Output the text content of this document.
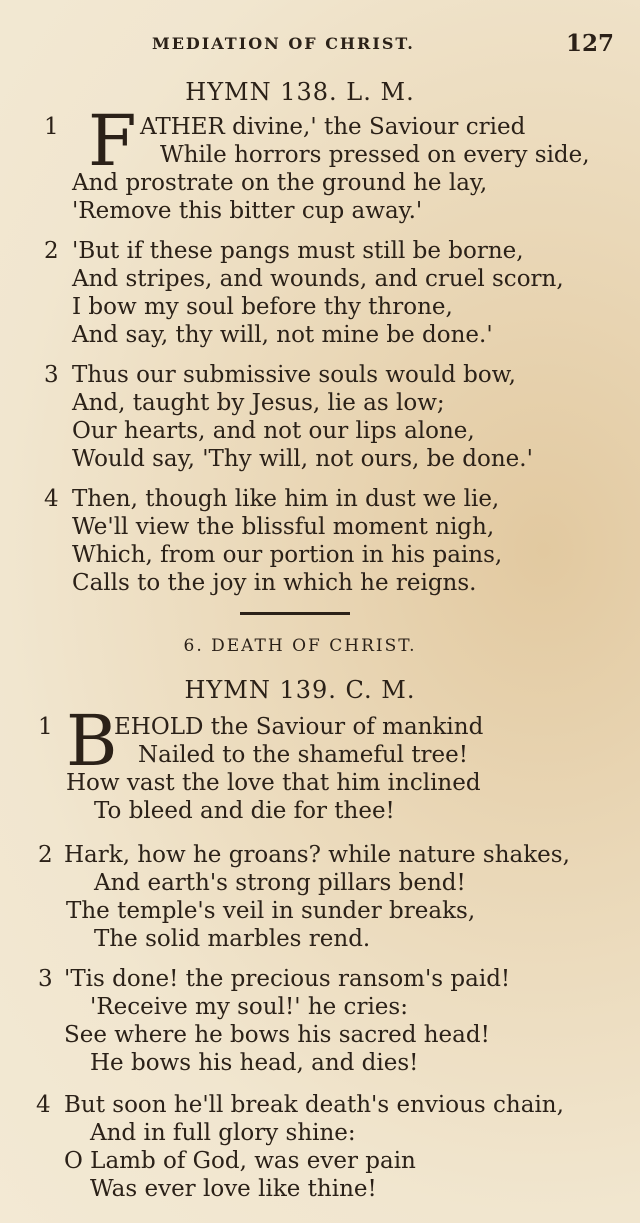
MEDIATION OF CHRIST.	127
HYMN 138. L. M.
1 F ATHER divine,' the Saviour cried
While horrors pressed on every side,
And prostrate on the ground he lay,
'Remove this bitter cup away.'
2 'But if these pangs must still be borne,
And stripes, and wounds, and cruel scorn,
I bow my soul before thy throne,
And say, thy will, not mine be done.'
3 Thus our submissive souls would bow,
And, taught by Jesus, lie as low;
Our hearts, and not our lips alone,
Would say, 'Thy will, not ours, be done.'
4 Then, though like him in dust we lie,
We'll view the blissful moment nigh,
Which, from our portion in his pains,
Calls to the joy in which he reigns.
6. DEATH OF CHRIST.
HYMN 139. C. M.
1 B
EHOLD the Saviour of mankind
Nailed to the shameful tree!
How vast the love that him inclined
To bleed and die for thee!
2 Hark, how he groans? while nature shakes,
And earth's strong pillars bend!
The temple's veil in sunder breaks,
The solid marbles rend.
3 'Tis done! the precious ransom's paid!
'Receive my soul!' he cries:
See where he bows his sacred head!
He bows his head, and dies!
4 But soon he'll break death's envious chain,
And in full glory shine:
O Lamb of God, was ever pain
Was ever love like thine!
